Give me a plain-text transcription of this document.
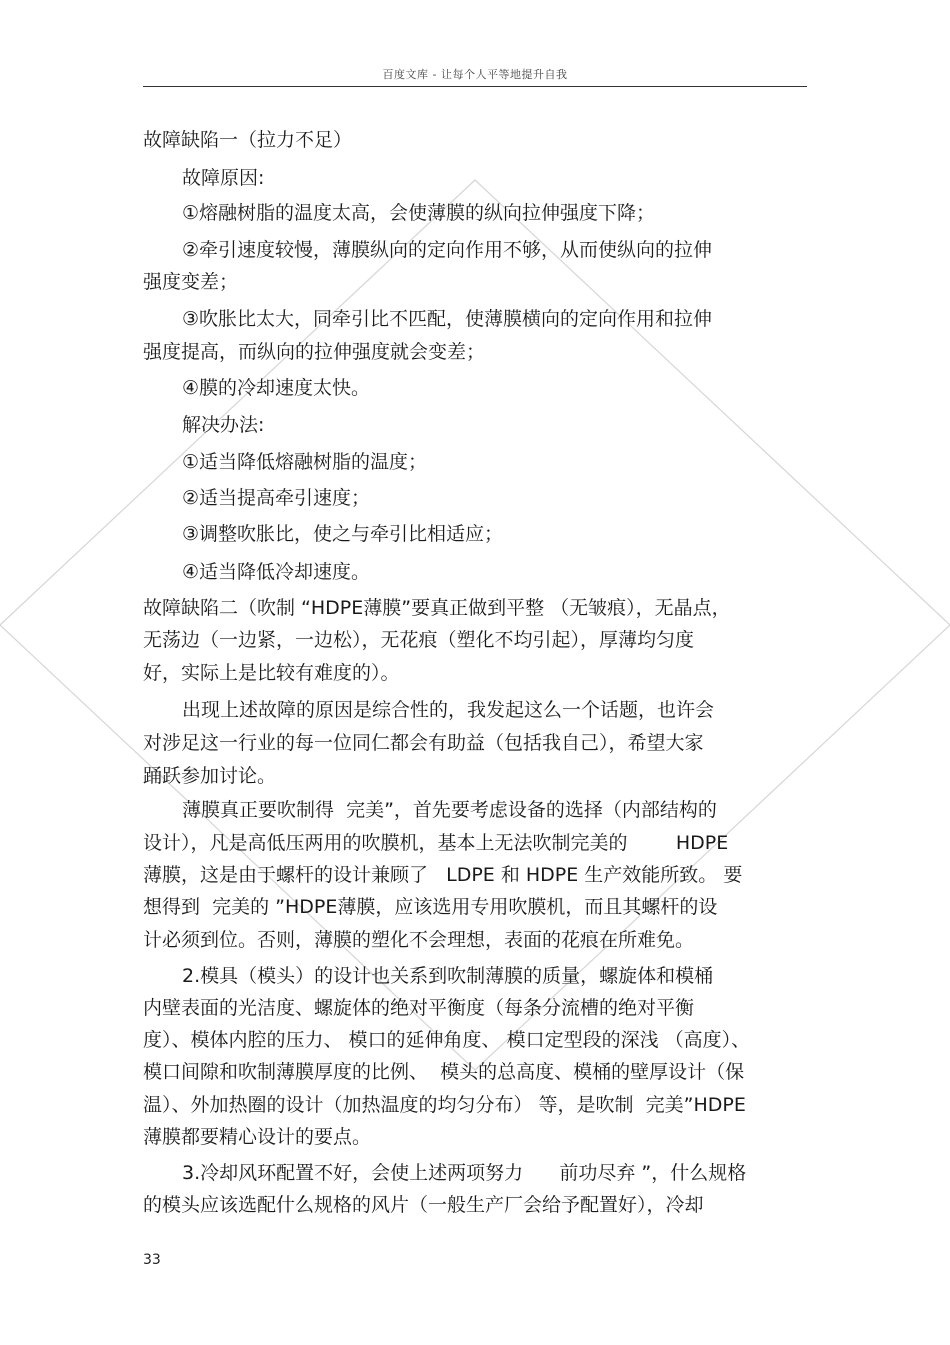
百度文库 - 让每个人平等地提升自我
故障缺陷一（拉力不足）
故障原因:
①熔融树脂的温度太高，会使薄膜的纵向拉伸强度下降；
②牵引速度较慢，薄膜纵向的定向作用不够，从而使纵向的拉伸
强度变差；
③吹胀比太大，同牵引比不匹配，使薄膜横向的定向作用和拉伸
强度提高，而纵向的拉伸强度就会变差；
④膜的冷却速度太快。
解决办法:
①适当降低熔融树脂的温度；
②适当提高牵引速度；
③调整吹胀比，使之与牵引比相适应；
④适当降低冷却速度。
故障缺陷二（吹制 “HDPE薄膜”要真正做到平整 （无皱痕），无晶点，
无荡边（一边紧，一边松），无花痕（塑化不均引起），厚薄均匀度
好，实际上是比较有难度的）。
出现上述故障的原因是综合性的，我发起这么一个话题，也许会
对涉足这一行业的每一位同仁都会有助益（包括我自己），希望大家
踊跃参加讨论。
薄膜真正要吹制得  完美”，首先要考虑设备的选择（内部结构的
设计），凡是高低压两用的吹膜机，基本上无法吹制完美的        HDPE
薄膜，这是由于螺杆的设计兼顾了   LDPE 和 HDPE 生产效能所致。 要
想得到  完美的 ”HDPE薄膜，应该选用专用吹膜机，而且其螺杆的设
计必须到位。否则，薄膜的塑化不会理想，表面的花痕在所难免。
2.模具（模头）的设计也关系到吹制薄膜的质量，螺旋体和模桶
内壁表面的光洁度、螺旋体的绝对平衡度（每条分流槽的绝对平衡
度）、模体内腔的压力、 模口的延伸角度、 模口定型段的深浅 （高度）、
模口间隙和吹制薄膜厚度的比例、  模头的总高度、模桶的壁厚设计（保
温）、外加热圈的设计（加热温度的均匀分布） 等，是吹制  完美”HDPE
薄膜都要精心设计的要点。
3.冷却风环配置不好，会使上述两项努力      前功尽弃 ”，什么规格
的模头应该选配什么规格的风片（一般生产厂会给予配置好），冷却
33
